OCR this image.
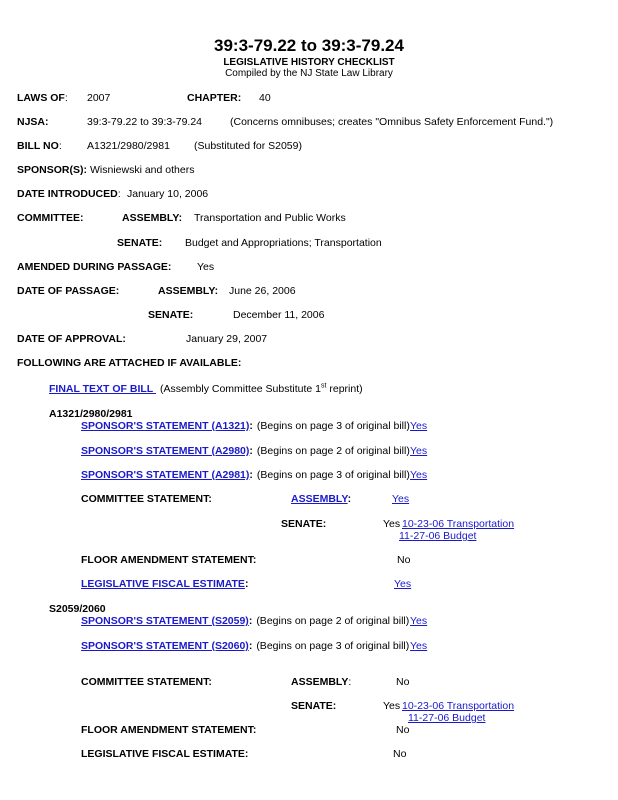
39:3-79.22 to 39:3-79.24
LEGISLATIVE HISTORY CHECKLIST
Compiled by the NJ State Law Library
LAWS OF: 2007	CHAPTER: 40
NJSA:	39:3-79.22 to 39:3-79.24	(Concerns omnibuses; creates "Omnibus Safety Enforcement Fund.")
BILL NO: A1321/2980/2981 (Substituted for S2059)
SPONSOR(S): Wisniewski and others
DATE INTRODUCED: January 10, 2006
COMMITTEE:	ASSEMBLY: Transportation and Public Works
SENATE: Budget and Appropriations; Transportation
AMENDED DURING PASSAGE: Yes
DATE OF PASSAGE:	ASSEMBLY: June 26, 2006
SENATE:	December 11, 2006
DATE OF APPROVAL:	January 29, 2007
FOLLOWING ARE ATTACHED IF AVAILABLE:
FINAL TEXT OF BILL (Assembly Committee Substitute 1st reprint)
A1321/2980/2981
SPONSOR'S STATEMENT (A1321): (Begins on page 3 of original bill) Yes
SPONSOR'S STATEMENT (A2980): (Begins on page 2 of original bill) Yes
SPONSOR'S STATEMENT (A2981): (Begins on page 3 of original bill) Yes
COMMITTEE STATEMENT:	ASSEMBLY:	Yes
SENATE:	Yes 10-23-06 Transportation
11-27-06 Budget
FLOOR AMENDMENT STATEMENT:	No
LEGISLATIVE FISCAL ESTIMATE:	Yes
S2059/2060
SPONSOR'S STATEMENT (S2059): (Begins on page 2 of original bill) Yes
SPONSOR'S STATEMENT (S2060): (Begins on page 3 of original bill) Yes
COMMITTEE STATEMENT:	ASSEMBLY:	No
SENATE:	Yes 10-23-06 Transportation
11-27-06 Budget
FLOOR AMENDMENT STATEMENT:	No
LEGISLATIVE FISCAL ESTIMATE:	No
